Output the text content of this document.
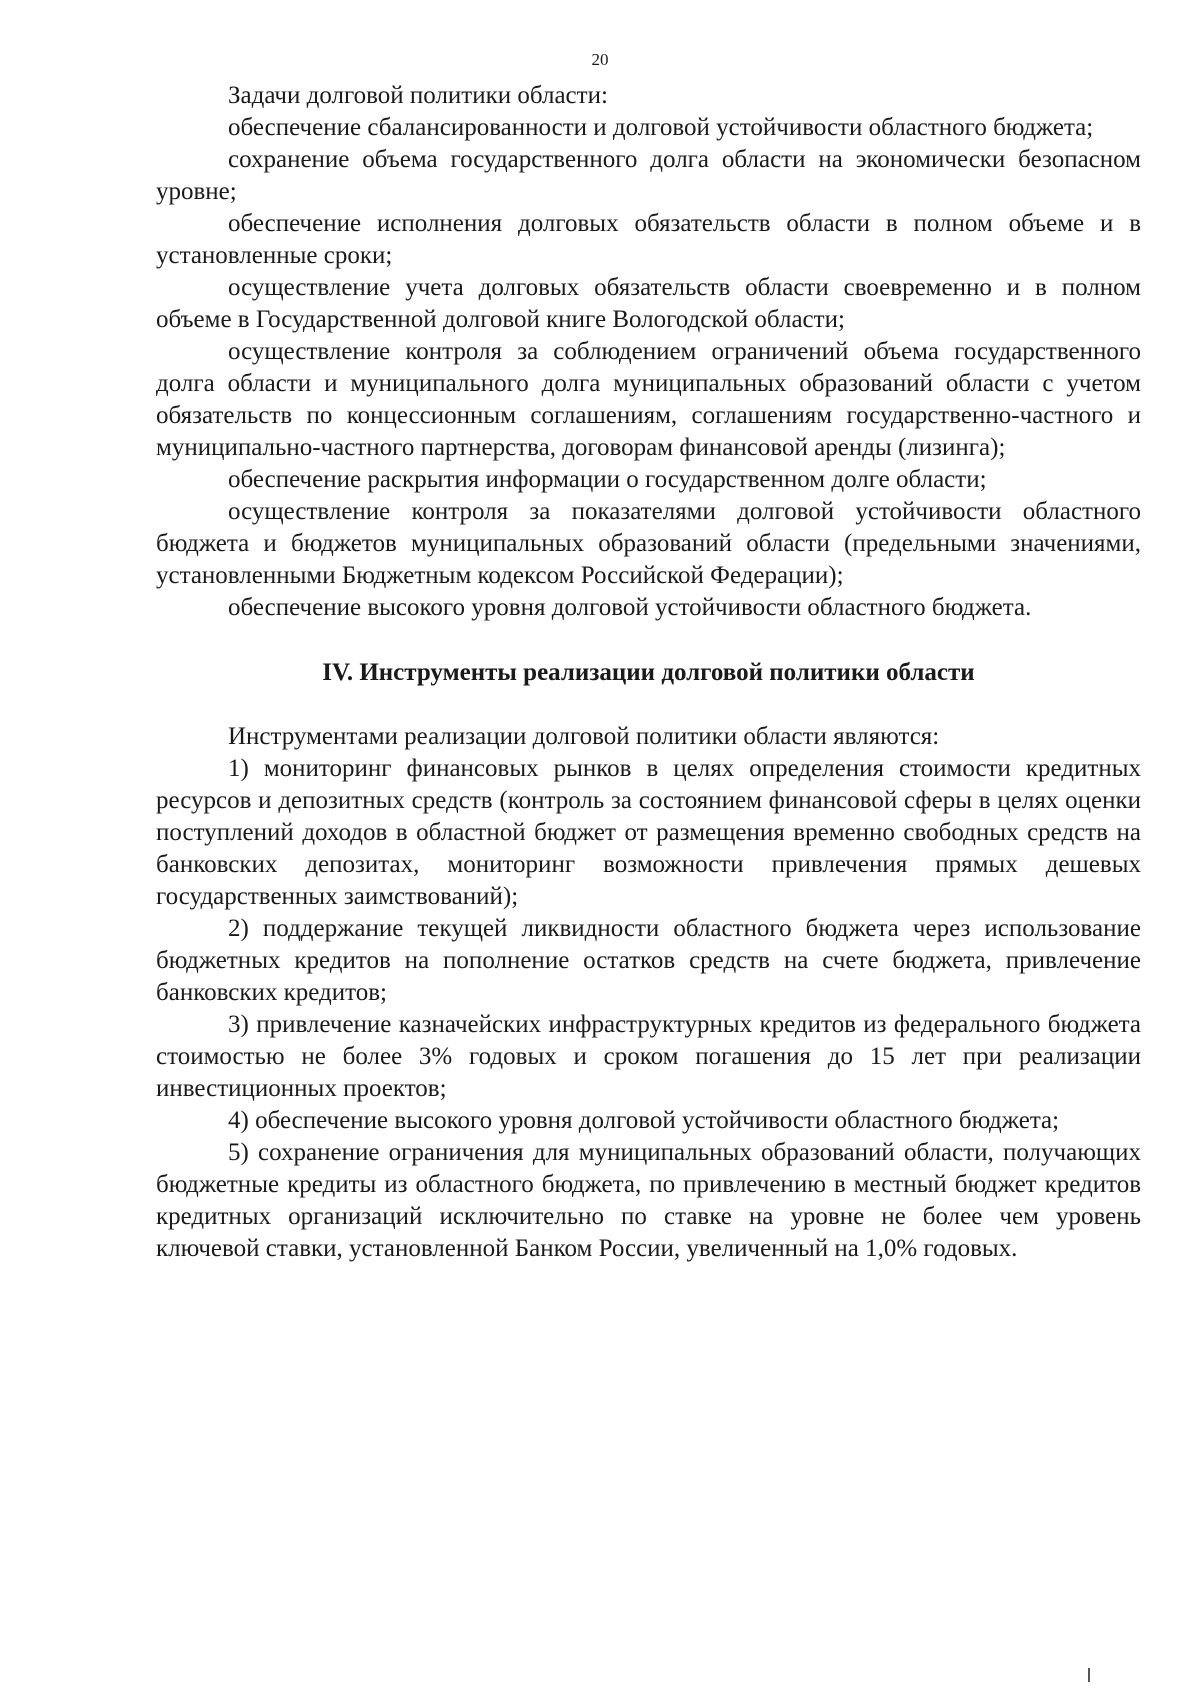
20

Задачи долговой политики области:

обеспечение сбалансированности и долговой устойчивости областного бюджета;

сохранение объема государственного долга области на экономически безопасном уровне;

обеспечение исполнения долговых обязательств области в полном объеме и в установленные сроки;

осуществление учета долговых обязательств области своевременно и в полном объеме в Государственной долговой книге Вологодской области;

осуществление контроля за соблюдением ограничений объема государственного долга области и муниципального долга муниципальных образований области с учетом обязательств по концессионным соглашениям, соглашениям государственно-частного и муниципально-частного партнерства, договорам финансовой аренды (лизинга);

обеспечение раскрытия информации о государственном долге области;

осуществление контроля за показателями долговой устойчивости областного бюджета и бюджетов муниципальных образований области (предельными значениями, установленными Бюджетным кодексом Российской Федерации);

обеспечение высокого уровня долговой устойчивости областного бюджета.

IV. Инструменты реализации долговой политики области

Инструментами реализации долговой политики области являются:

1) мониторинг финансовых рынков в целях определения стоимости кредитных ресурсов и депозитных средств (контроль за состоянием финансовой сферы в целях оценки поступлений доходов в областной бюджет от размещения временно свободных средств на банковских депозитах, мониторинг возможности привлечения прямых дешевых государственных заимствований);

2) поддержание текущей ликвидности областного бюджета через использование бюджетных кредитов на пополнение остатков средств на счете бюджета, привлечение банковских кредитов;

3) привлечение казначейских инфраструктурных кредитов из федерального бюджета стоимостью не более 3% годовых и сроком погашения до 15 лет при реализации инвестиционных проектов;

4) обеспечение высокого уровня долговой устойчивости областного бюджета;

5) сохранение ограничения для муниципальных образований области, получающих бюджетные кредиты из областного бюджета, по привлечению в местный бюджет кредитов кредитных организаций исключительно по ставке на уровне не более чем уровень ключевой ставки, установленной Банком России, увеличенный на 1,0% годовых.
